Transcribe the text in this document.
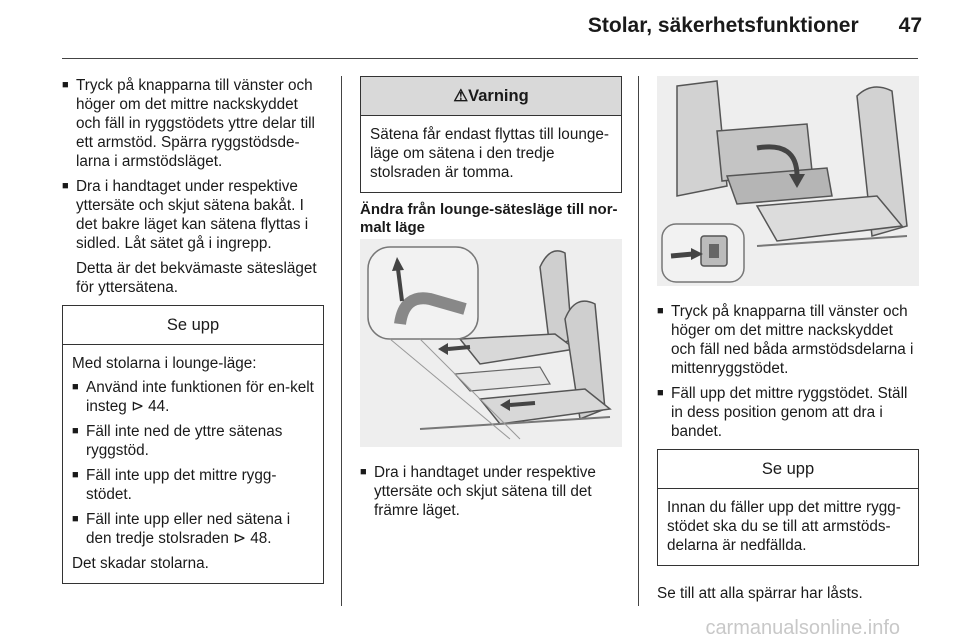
Stolar, säkerhetsfunktioner 47
■ Tryck på knapparna till vänster och höger om det mittre nackskyddet och fäll in ryggstödets yttre delar till ett armstöd. Spärra ryggstödsde-larna i armstödsläget.
■ Dra i handtaget under respektive yttersäte och skjut sätena bakåt. I det bakre läget kan sätena flyttas i sidled. Låt sätet gå i ingrepp.

Detta är det bekvämaste sätesläget för yttersätena.

Se upp

Med stolarna i lounge-läge:

■ Använd inte funktionen för en-kelt insteg ⊳ 44.
■ Fäll inte ned de yttre sätenas ryggstöd.
■ Fäll inte upp det mittre rygg-stödet.
■ Fäll inte upp eller ned sätena i den tredje stolsraden ⊳ 48.

Det skadar stolarna.

⚠Varning
Sätena får endast flyttas till lounge-läge om sätena i den tredje stolsraden är tomma.
Ändra från lounge-sätesläge till nor-malt läge
■ Dra i handtaget under respektive yttersäte och skjut sätena till det främre läget.
■ Tryck på knapparna till vänster och höger om det mittre nackskyddet och fäll ned båda armstödsdelarna i mittenryggstödet.
■ Fäll upp det mittre ryggstödet. Ställ in dess position genom att dra i bandet.
Se upp
Innan du fäller upp det mittre rygg-stödet ska du se till att armstöds-delarna är nedfällda.

Se till att alla spärrar har låsts.

carmanualsonline.info
